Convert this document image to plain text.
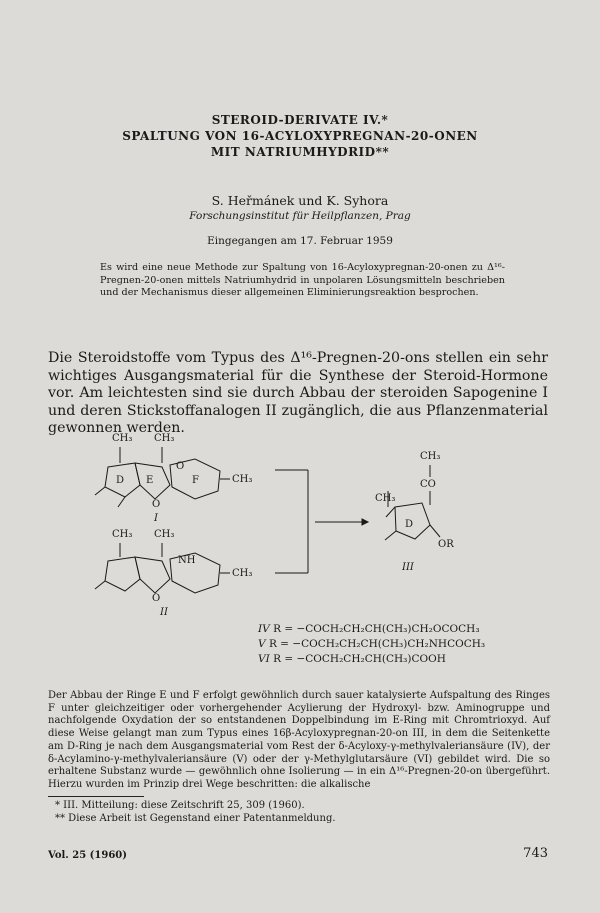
STEROID-DERIVATE IV.*
SPALTUNG VON 16-ACYLOXYPREGNAN-20-ONEN
MIT NATRIUMHYDRID**
S. Heřmánek und K. Syhora
Forschungsinstitut für Heilpflanzen, Prag
Eingegangen am 17. Februar 1959
Es wird eine neue Methode zur Spaltung von 16-Acyloxypregnan-20-onen zu Δ¹⁶-Pregnen-20-onen mittels Natriumhydrid in unpolaren Lösungsmitteln beschrieben und der Mechanismus dieser allgemeinen Eliminierungsreaktion besprochen.
Die Steroidstoffe vom Typus des Δ¹⁶-Pregnen-20-ons stellen ein sehr wichtiges Ausgangsmaterial für die Synthese der Steroid-Hormone vor. Am leichtesten sind sie durch Abbau der steroiden Sapogenine I und deren Stickstoffanalogen II zugänglich, die aus Pflanzenmaterial gewonnen werden.
CH₃ CH₃
D E	F
O
O
CH₃
I
CH₃ CH₃
NH
O
CH₃
II
CH₃
CO
CH₃
D
OR
III
IV R = −COCH₂CH₂CH(CH₃)CH₂OCOCH₃
V R = −COCH₂CH₂CH(CH₃)CH₂NHCOCH₃
VI R = −COCH₂CH₂CH(CH₃)COOH
Der Abbau der Ringe E und F erfolgt gewöhnlich durch sauer katalysierte Aufspaltung des Ringes F unter gleichzeitiger oder vorhergehender Acylierung der Hydroxyl- bzw. Aminogruppe und nachfolgende Oxydation der so entstandenen Doppelbindung im E-Ring mit Chromtrioxyd. Auf diese Weise gelangt man zum Typus eines 16β-Acyloxypregnan-20-on III, in dem die Seitenkette am D-Ring je nach dem Ausgangsmaterial vom Rest der δ-Acyloxy-γ-methylvaleriansäure (IV), der δ-Acylamino-γ-methylvaleriansäure (V) oder der γ-Methylglutarsäure (VI) gebildet wird. Die so erhaltene Substanz wurde — gewöhnlich ohne Isolierung — in ein Δ¹⁶-Pregnen-20-on übergeführt. Hierzu wurden im Prinzip drei Wege beschritten: die alkalische
* III. Mitteilung: diese Zeitschrift 25, 309 (1960).
** Diese Arbeit ist Gegenstand einer Patentanmeldung.
Vol. 25 (1960)	743
